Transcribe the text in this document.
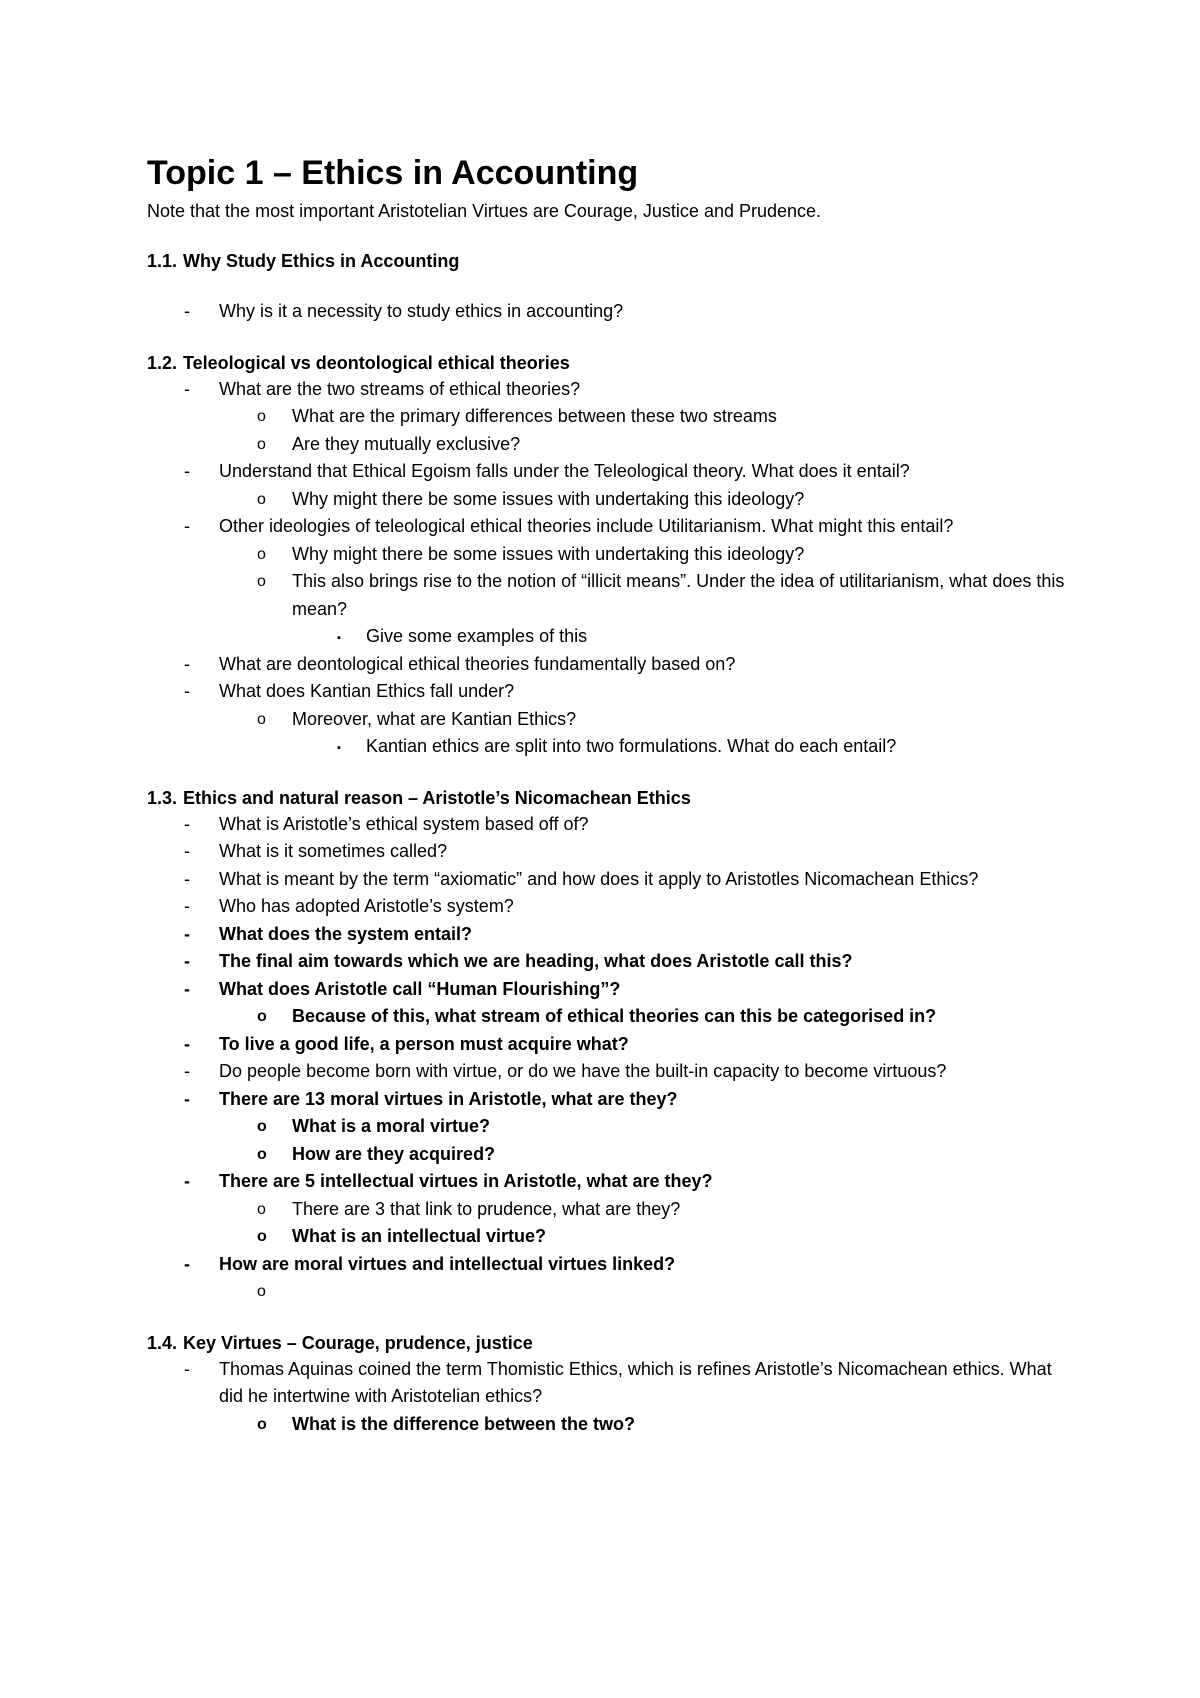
Topic 1 – Ethics in Accounting

Note that the most important Aristotelian Virtues are Courage, Justice and Prudence.

1.1. Why Study Ethics in Accounting
- Why is it a necessity to study ethics in accounting?
1.2. Teleological vs deontological ethical theories
- What are the two streams of ethical theories?
o What are the primary differences between these two streams
o Are they mutually exclusive?
- Understand that Ethical Egoism falls under the Teleological theory. What does it entail?
o Why might there be some issues with undertaking this ideology?
- Other ideologies of teleological ethical theories include Utilitarianism. What might this entail?
o Why might there be some issues with undertaking this ideology?
o This also brings rise to the notion of “illicit means”. Under the idea of utilitarianism, what does this mean?
▪ Give some examples of this
- What are deontological ethical theories fundamentally based on?
- What does Kantian Ethics fall under?
o Moreover, what are Kantian Ethics?
▪ Kantian ethics are split into two formulations. What do each entail?
1.3. Ethics and natural reason – Aristotle’s Nicomachean Ethics
- What is Aristotle’s ethical system based off of?
- What is it sometimes called?
- What is meant by the term “axiomatic” and how does it apply to Aristotles Nicomachean Ethics?
- Who has adopted Aristotle’s system?
- What does the system entail?
- The final aim towards which we are heading, what does Aristotle call this?
- What does Aristotle call “Human Flourishing”?
o Because of this, what stream of ethical theories can this be categorised in?
- To live a good life, a person must acquire what?
- Do people become born with virtue, or do we have the built-in capacity to become virtuous?
- There are 13 moral virtues in Aristotle, what are they?
o What is a moral virtue?
o How are they acquired?
- There are 5 intellectual virtues in Aristotle, what are they?
o There are 3 that link to prudence, what are they?
o What is an intellectual virtue?
- How are moral virtues and intellectual virtues linked?
o
1.4. Key Virtues – Courage, prudence, justice
- Thomas Aquinas coined the term Thomistic Ethics, which is refines Aristotle’s Nicomachean ethics. What did he intertwine with Aristotelian ethics?
o What is the difference between the two?
